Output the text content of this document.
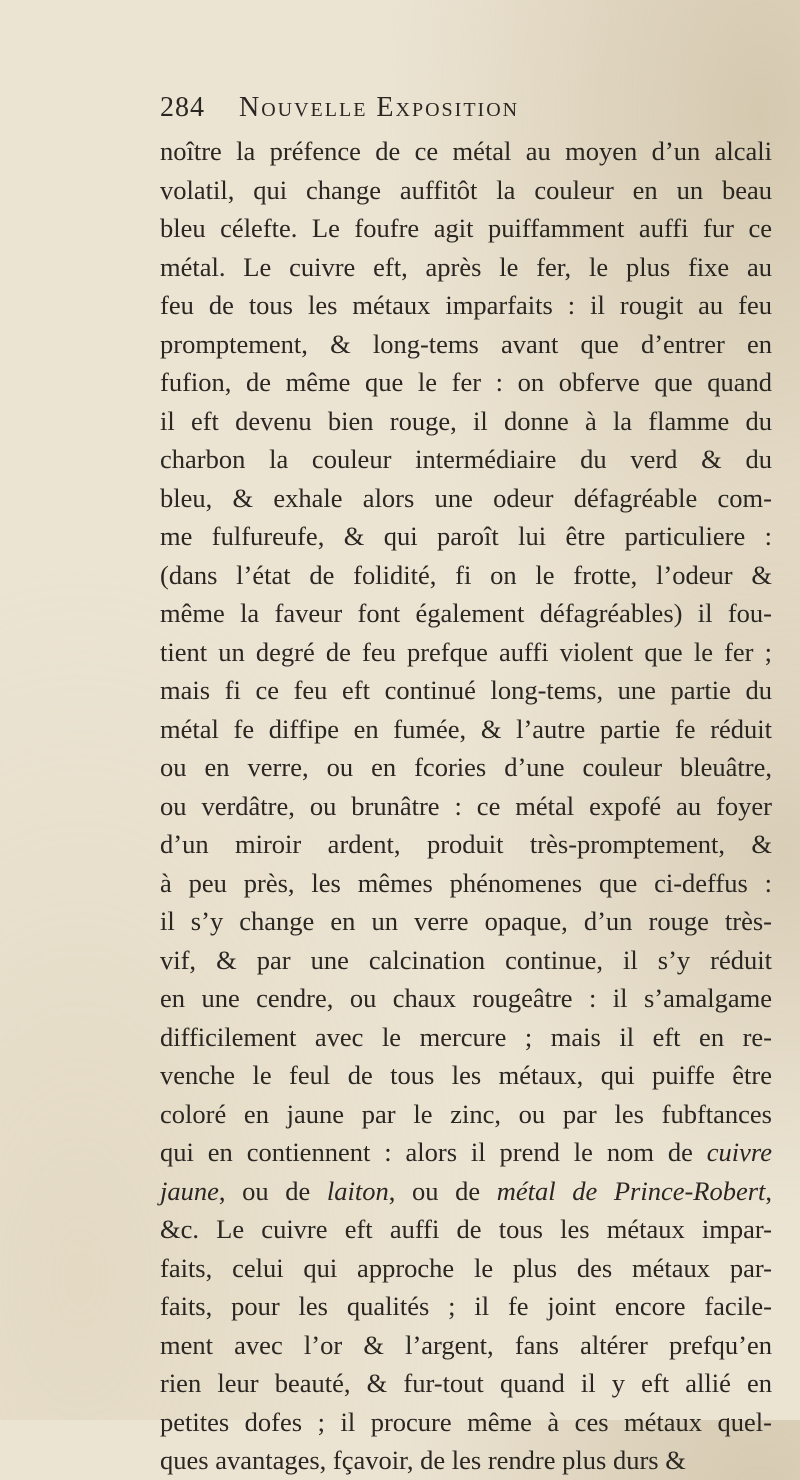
284 Nouvelle Exposition
noître la préfence de ce métal au moyen d’un alcali
volatil, qui change auffitôt la couleur en un beau
bleu célefte. Le foufre agit puiffamment auffi fur ce
métal. Le cuivre eft, après le fer, le plus fixe au
feu de tous les métaux imparfaits : il rougit au feu
promptement, & long-tems avant que d’entrer en
fufion, de même que le fer : on obferve que quand
il eft devenu bien rouge, il donne à la flamme du
charbon la couleur intermédiaire du verd & du
bleu, & exhale alors une odeur défagréable com-
me fulfureufe, & qui paroît lui être particuliere :
(dans l’état de folidité, fi on le frotte, l’odeur &
même la faveur font également défagréables) il fou-
tient un degré de feu prefque auffi violent que le fer ;
mais fi ce feu eft continué long-tems, une partie du
métal fe diffipe en fumée, & l’autre partie fe réduit
ou en verre, ou en fcories d’une couleur bleuâtre,
ou verdâtre, ou brunâtre : ce métal expofé au foyer
d’un miroir ardent, produit très-promptement, &
à peu près, les mêmes phénomenes que ci-deffus :
il s’y change en un verre opaque, d’un rouge très-
vif, & par une calcination continue, il s’y réduit
en une cendre, ou chaux rougeâtre : il s’amalgame
difficilement avec le mercure ; mais il eft en re-
venche le feul de tous les métaux, qui puiffe être
coloré en jaune par le zinc, ou par les fubftances
qui en contiennent : alors il prend le nom de cuivre
jaune, ou de laiton, ou de métal de Prince-Robert,
&c. Le cuivre eft auffi de tous les métaux impar-
faits, celui qui approche le plus des métaux par-
faits, pour les qualités ; il fe joint encore facile-
ment avec l’or & l’argent, fans altérer prefqu’en
rien leur beauté, & fur-tout quand il y eft allié en
petites dofes ; il procure même à ces métaux quel-
ques avantages, fçavoir, de les rendre plus durs &
